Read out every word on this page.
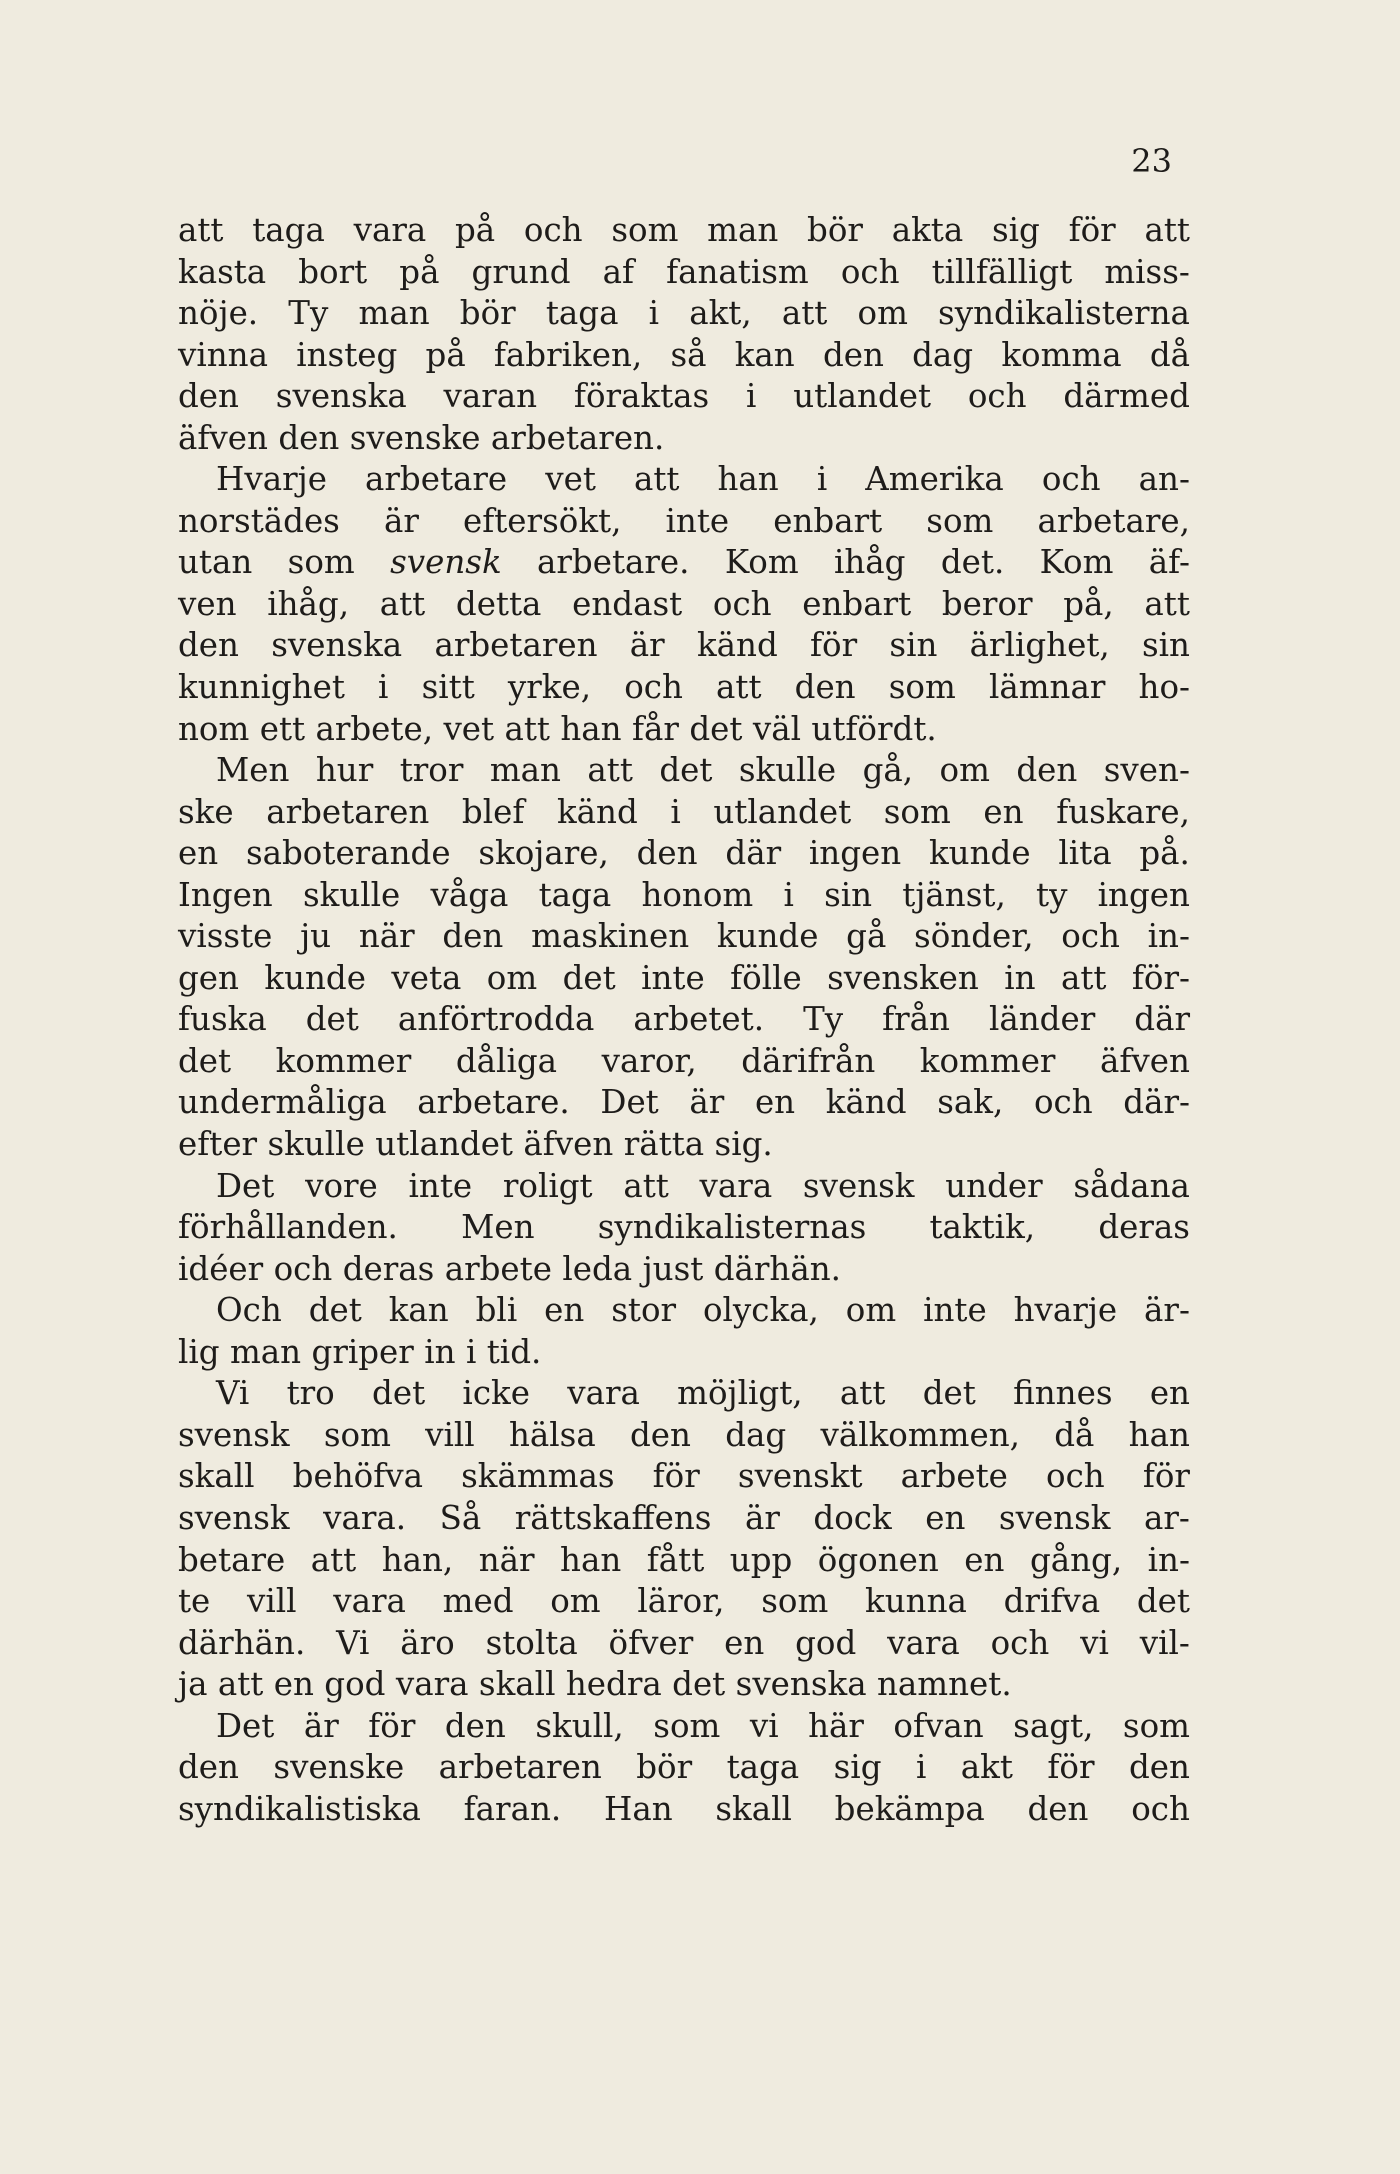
23
att taga vara på och som man bör akta sig för att
kasta bort på grund af fanatism och tillfälligt miss-
nöje. Ty man bör taga i akt, att om syndikalisterna
vinna insteg på fabriken, så kan den dag komma då
den svenska varan föraktas i utlandet och därmed
äfven den svenske arbetaren.
Hvarje arbetare vet att han i Amerika och an-
norstädes är eftersökt, inte enbart som arbetare,
utan som svensk arbetare. Kom ihåg det. Kom äf-
ven ihåg, att detta endast och enbart beror på, att
den svenska arbetaren är känd för sin ärlighet, sin
kunnighet i sitt yrke, och att den som lämnar ho-
nom ett arbete, vet att han får det väl utfördt.
Men hur tror man att det skulle gå, om den sven-
ske arbetaren blef känd i utlandet som en fuskare,
en saboterande skojare, den där ingen kunde lita på.
Ingen skulle våga taga honom i sin tjänst, ty ingen
visste ju när den maskinen kunde gå sönder, och in-
gen kunde veta om det inte fölle svensken in att för-
fuska det anförtrodda arbetet. Ty från länder där
det kommer dåliga varor, därifrån kommer äfven
undermåliga arbetare. Det är en känd sak, och där-
efter skulle utlandet äfven rätta sig.
Det vore inte roligt att vara svensk under sådana
förhållanden. Men syndikalisternas taktik, deras
idéer och deras arbete leda just därhän.
Och det kan bli en stor olycka, om inte hvarje är-
lig man griper in i tid.
Vi tro det icke vara möjligt, att det finnes en
svensk som vill hälsa den dag välkommen, då han
skall behöfva skämmas för svenskt arbete och för
svensk vara. Så rättskaffens är dock en svensk ar-
betare att han, när han fått upp ögonen en gång, in-
te vill vara med om läror, som kunna drifva det
därhän. Vi äro stolta öfver en god vara och vi vil-
ja att en god vara skall hedra det svenska namnet.
Det är för den skull, som vi här ofvan sagt, som
den svenske arbetaren bör taga sig i akt för den
syndikalistiska faran. Han skall bekämpa den och
